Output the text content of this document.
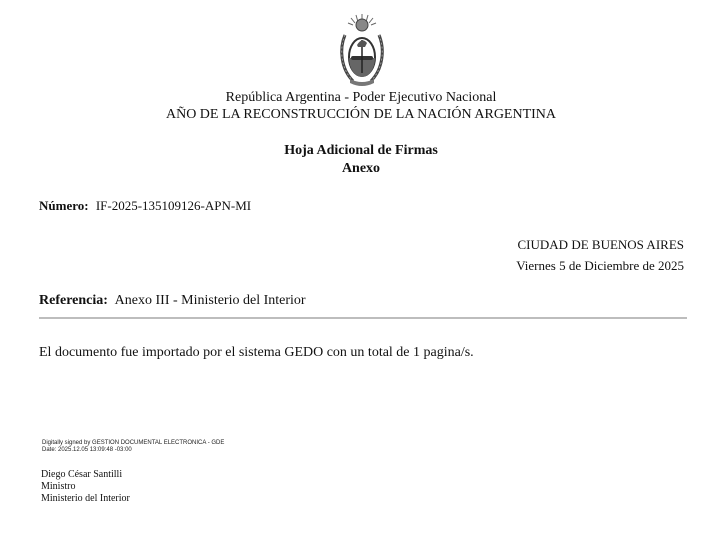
República Argentina - Poder Ejecutivo Nacional
AÑO DE LA RECONSTRUCCIÓN DE LA NACIÓN ARGENTINA
Hoja Adicional de Firmas
Anexo
Número: IF-2025-135109126-APN-MI
CIUDAD DE BUENOS AIRES
Viernes 5 de Diciembre de 2025
Referencia: Anexo III - Ministerio del Interior
El documento fue importado por el sistema GEDO con un total de 1 pagina/s.
Digitally signed by GESTION DOCUMENTAL ELECTRONICA - GDE
Date: 2025.12.05 13:09:48 -03:00
Diego César Santilli
Ministro
Ministerio del Interior
